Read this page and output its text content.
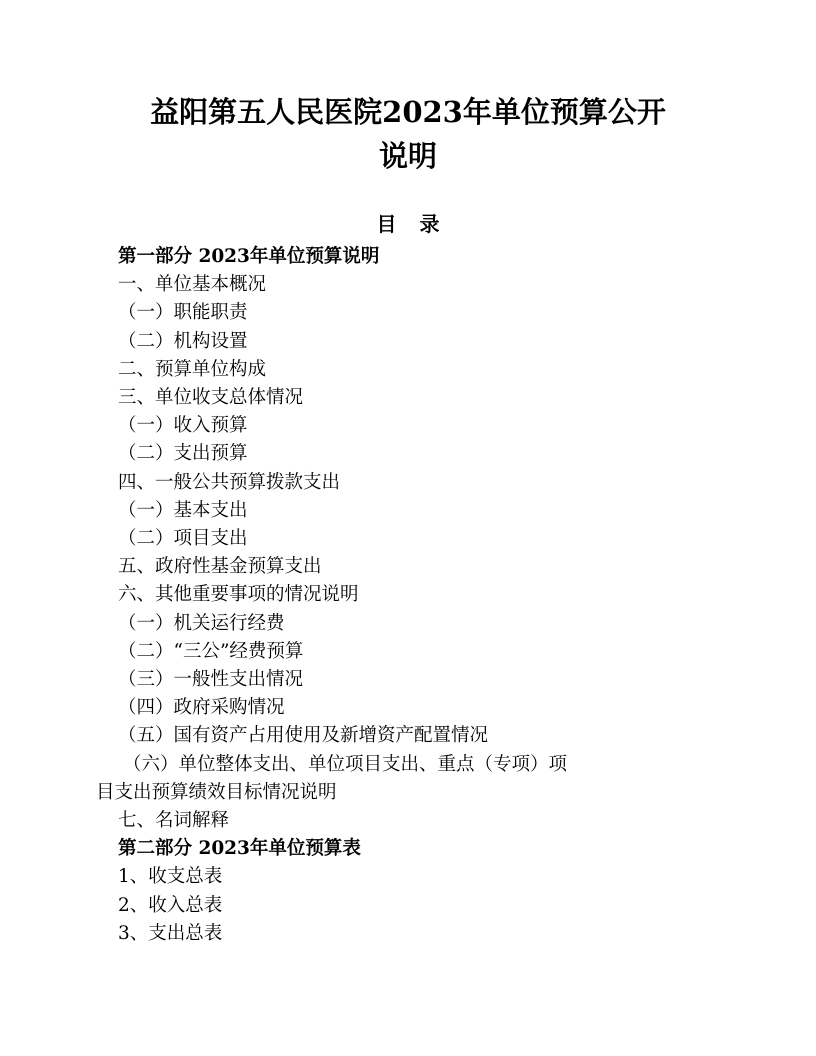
益阳第五人民医院2023年单位预算公开
说明
目 录
第一部分 2023年单位预算说明
一、单位基本概况
（一）职能职责
（二）机构设置
二、预算单位构成
三、单位收支总体情况
（一）收入预算
（二）支出预算
四、一般公共预算拨款支出
（一）基本支出
（二）项目支出
五、政府性基金预算支出
六、其他重要事项的情况说明
（一）机关运行经费
（二）“三公”经费预算
（三）一般性支出情况
（四）政府采购情况
（五）国有资产占用使用及新增资产配置情况
（六）单位整体支出、单位项目支出、重点（专项）项
目支出预算绩效目标情况说明
七、名词解释
第二部分 2023年单位预算表
1、收支总表
2、收入总表
3、支出总表
